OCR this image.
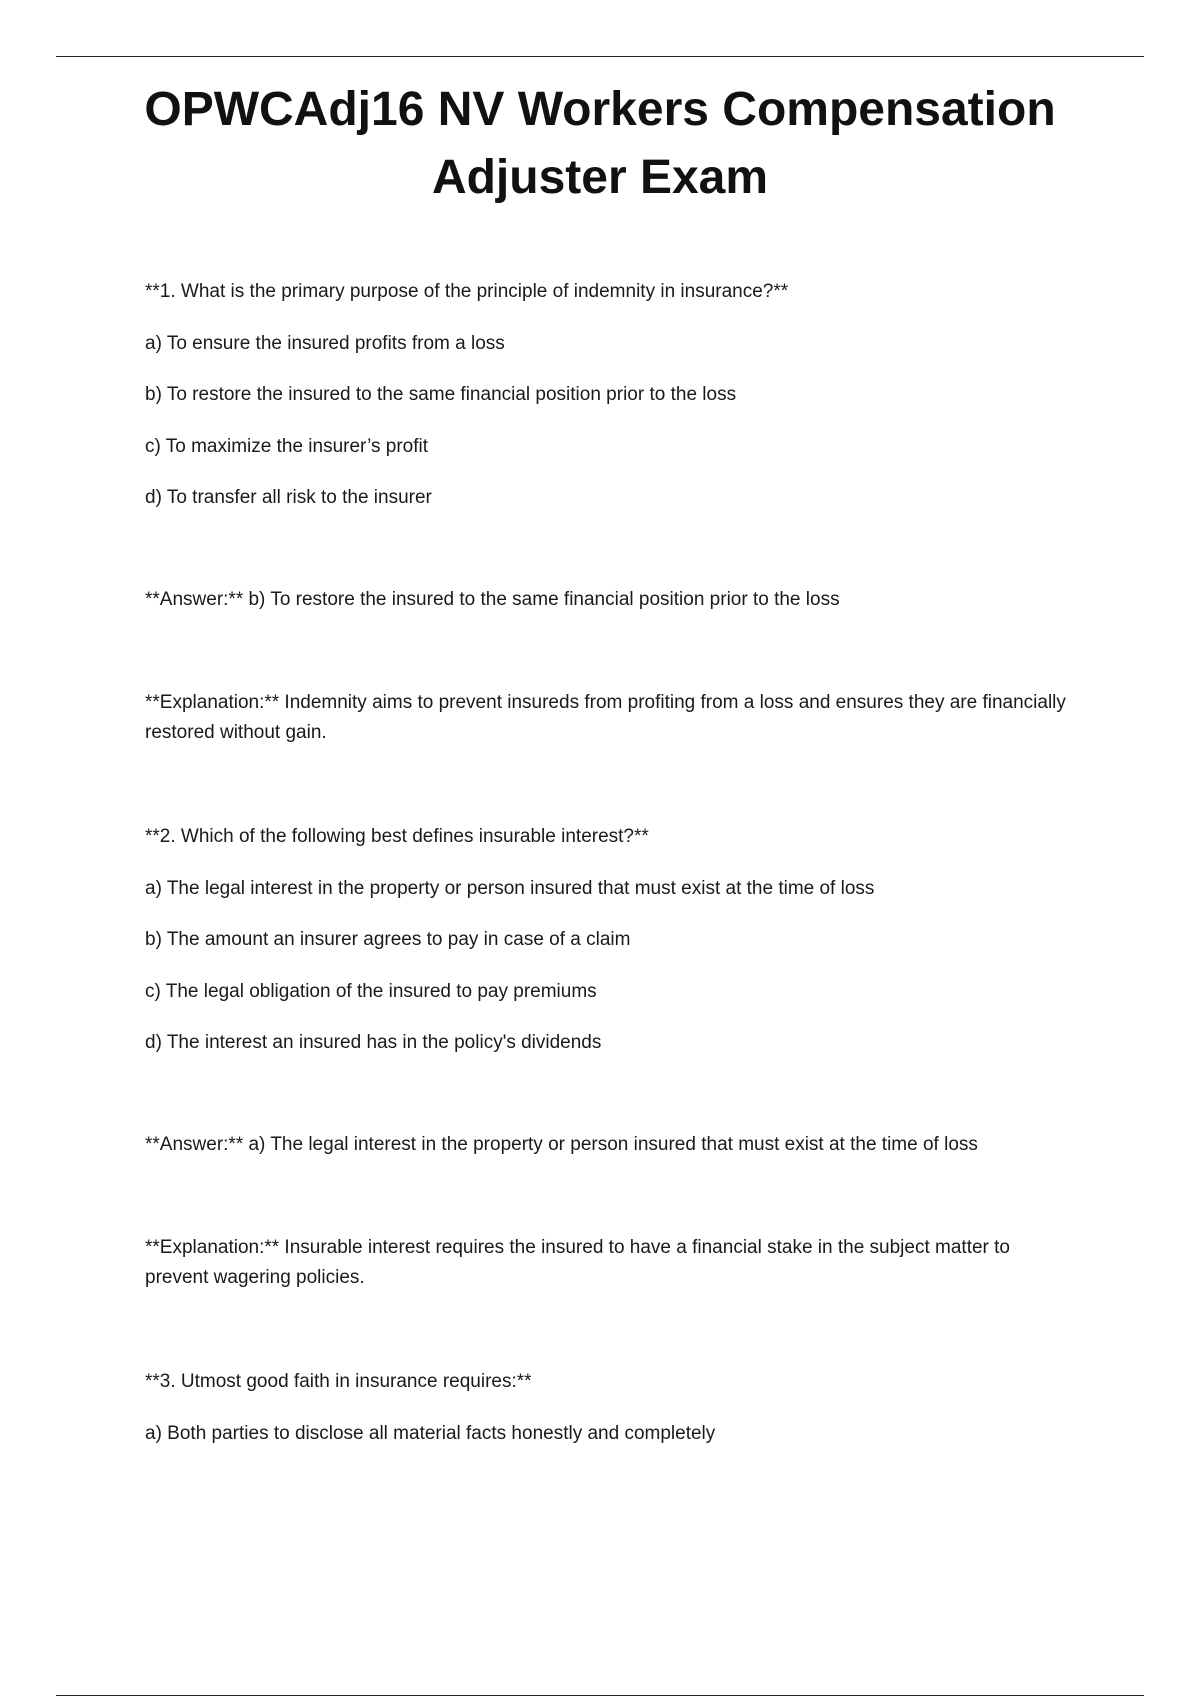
OPWCAdj16 NV Workers Compensation
Adjuster Exam

**1. What is the primary purpose of the principle of indemnity in insurance?**

a) To ensure the insured profits from a loss

b) To restore the insured to the same financial position prior to the loss

c) To maximize the insurer’s profit

d) To transfer all risk to the insurer

**Answer:** b) To restore the insured to the same financial position prior to the loss

**Explanation:** Indemnity aims to prevent insureds from profiting from a loss and ensures they are financially restored without gain.

**2. Which of the following best defines insurable interest?**

a) The legal interest in the property or person insured that must exist at the time of loss

b) The amount an insurer agrees to pay in case of a claim

c) The legal obligation of the insured to pay premiums

d) The interest an insured has in the policy's dividends

**Answer:** a) The legal interest in the property or person insured that must exist at the time of loss

**Explanation:** Insurable interest requires the insured to have a financial stake in the subject matter to prevent wagering policies.

**3. Utmost good faith in insurance requires:**

a) Both parties to disclose all material facts honestly and completely
